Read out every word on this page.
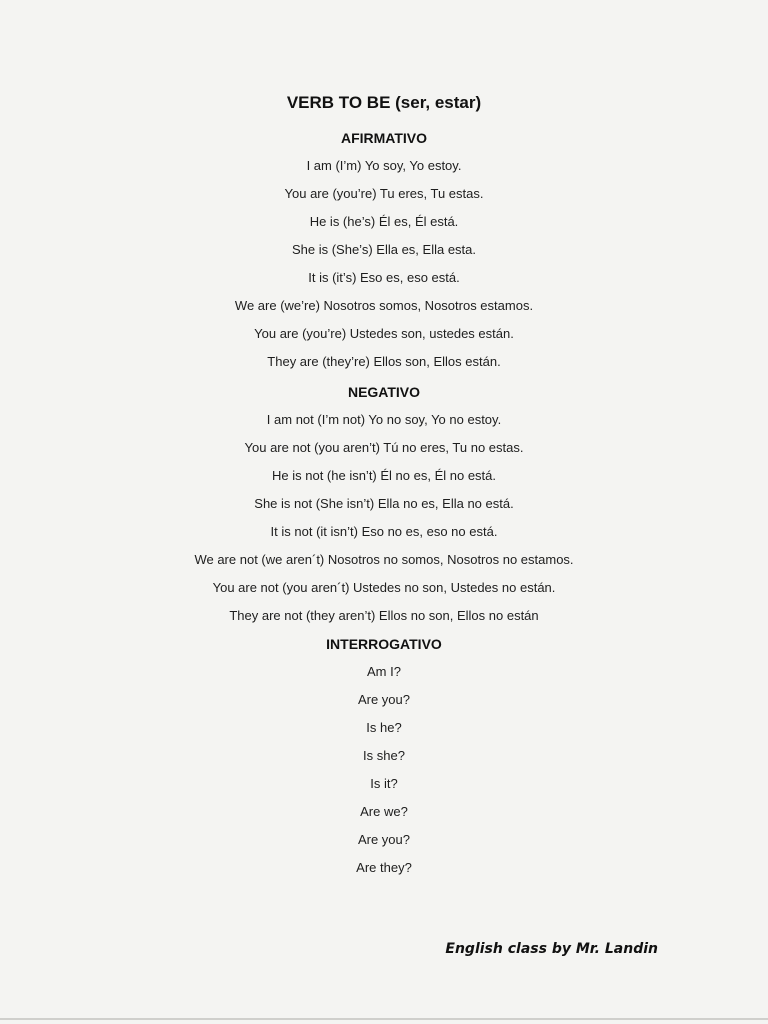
VERB TO BE (ser, estar)
AFIRMATIVO
I am (I’m) Yo soy, Yo estoy.
You are (you’re) Tu eres, Tu estas.
He is (he’s) Él es, Él está.
She is (She’s) Ella es, Ella esta.
It is (it’s) Eso es, eso está.
We are (we’re) Nosotros somos, Nosotros estamos.
You are (you’re) Ustedes son, ustedes están.
They are (they’re) Ellos son, Ellos están.
NEGATIVO
I am not (I’m not) Yo no soy, Yo no estoy.
You are not (you aren’t) Tú no eres, Tu no estas.
He is not (he isn’t) Él no es, Él no está.
She is not (She isn’t) Ella no es, Ella no está.
It is not (it isn’t) Eso no es, eso no está.
We are not (we aren´t) Nosotros no somos, Nosotros no estamos.
You are not (you aren´t) Ustedes no son, Ustedes no están.
They are not (they aren’t) Ellos no son, Ellos no están
INTERROGATIVO
Am I?
Are you?
Is he?
Is she?
Is it?
Are we?
Are you?
Are they?
English class by Mr. Landin
